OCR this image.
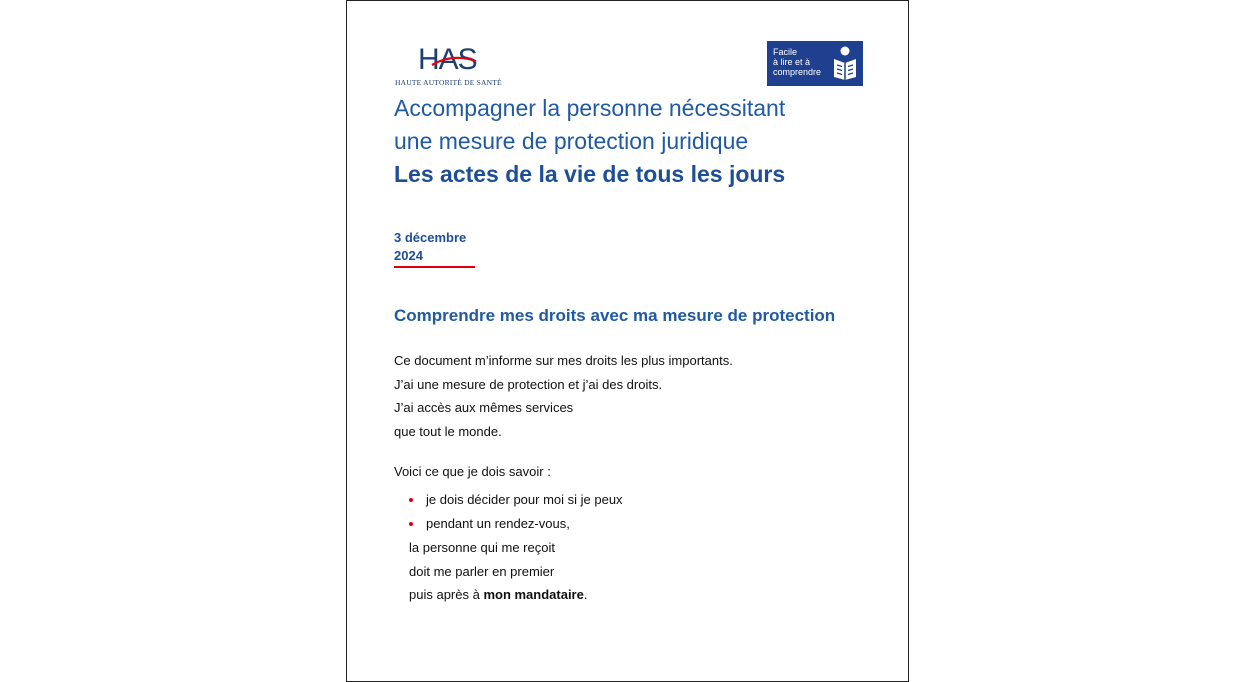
HAS
HAUTE AUTORITÉ DE SANTÉ
Facile
à lire et à
comprendre
Accompagner la personne nécessitant
une mesure de protection juridique
Les actes de la vie de tous les jours
3 décembre
2024
Comprendre mes droits avec ma mesure de protection
Ce document m’informe sur mes droits les plus importants.
J’ai une mesure de protection et j’ai des droits.
J’ai accès aux mêmes services
que tout le monde.
Voici ce que je dois savoir :
je dois décider pour moi si je peux
pendant un rendez-vous,
la personne qui me reçoit
doit me parler en premier
puis après à mon mandataire.
